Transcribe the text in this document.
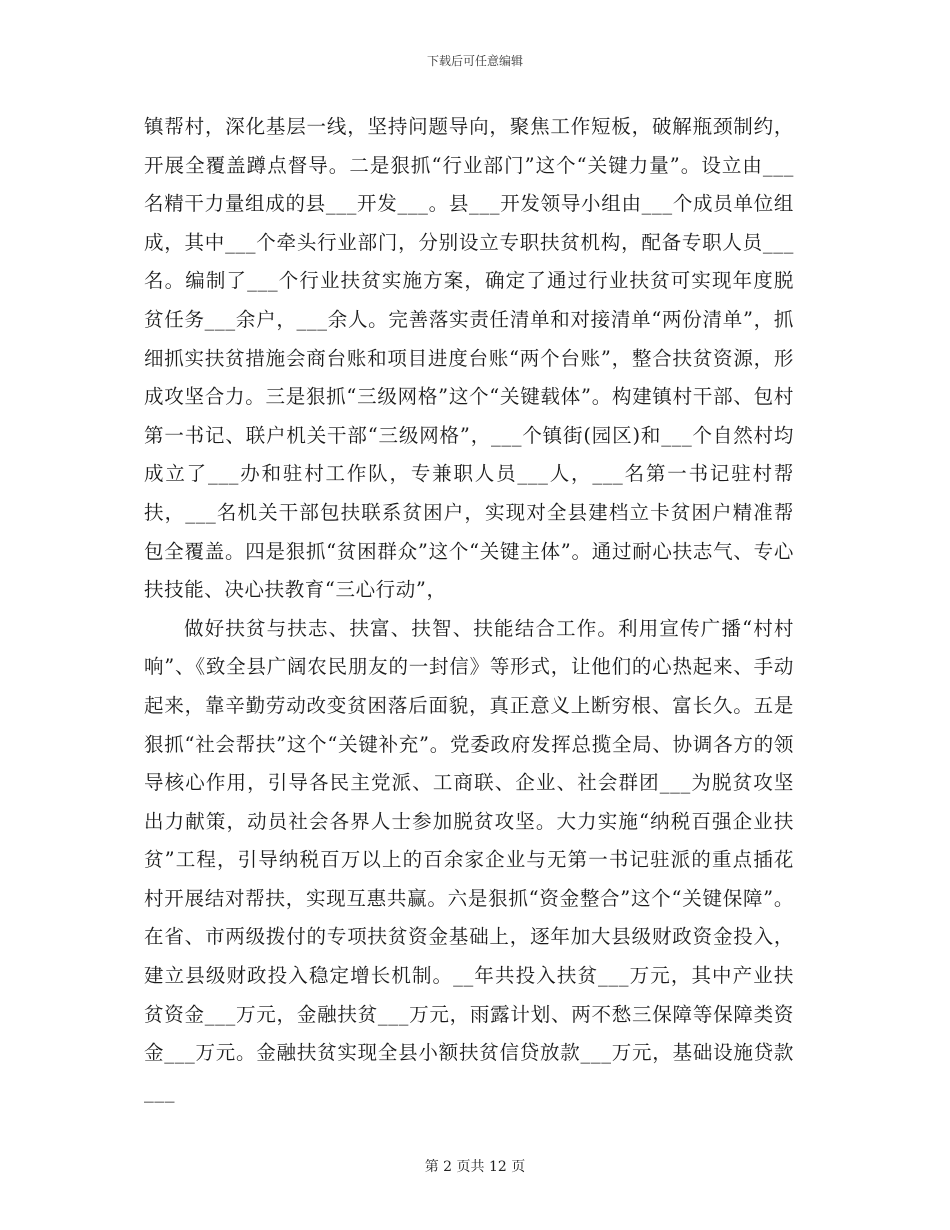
下载后可任意编辑

镇帮村，深化基层一线，坚持问题导向，聚焦工作短板，破解瓶颈制约，开展全覆盖蹲点督导。二是狠抓“行业部门”这个“关键力量”。设立由___名精干力量组成的县___开发___。县___开发领导小组由___个成员单位组成，其中___个牵头行业部门，分别设立专职扶贫机构，配备专职人员___名。编制了___个行业扶贫实施方案，确定了通过行业扶贫可实现年度脱贫任务___余户，___余人。完善落实责任清单和对接清单“两份清单”，抓细抓实扶贫措施会商台账和项目进度台账“两个台账”，整合扶贫资源，形成攻坚合力。三是狠抓“三级网格”这个“关键载体”。构建镇村干部、包村第一书记、联户机关干部“三级网格”，___个镇街(园区)和___个自然村均成立了___办和驻村工作队，专兼职人员___人，___名第一书记驻村帮扶，___名机关干部包扶联系贫困户，实现对全县建档立卡贫困户精准帮包全覆盖。四是狠抓“贫困群众”这个“关键主体”。通过耐心扶志气、专心扶技能、决心扶教育“三心行动”，

做好扶贫与扶志、扶富、扶智、扶能结合工作。利用宣传广播“村村响”、《致全县广阔农民朋友的一封信》等形式，让他们的心热起来、手动起来，靠辛勤劳动改变贫困落后面貌，真正意义上断穷根、富长久。五是狠抓“社会帮扶”这个“关键补充”。党委政府发挥总揽全局、协调各方的领导核心作用，引导各民主党派、工商联、企业、社会群团___为脱贫攻坚出力献策，动员社会各界人士参加脱贫攻坚。大力实施“纳税百强企业扶贫”工程，引导纳税百万以上的百余家企业与无第一书记驻派的重点插花村开展结对帮扶，实现互惠共赢。六是狠抓“资金整合”这个“关键保障”。在省、市两级拨付的专项扶贫资金基础上，逐年加大县级财政资金投入，建立县级财政投入稳定增长机制。__年共投入扶贫___万元，其中产业扶贫资金___万元，金融扶贫___万元，雨露计划、两不愁三保障等保障类资金___万元。金融扶贫实现全县小额扶贫信贷放款___万元，基础设施贷款___

第 2 页共 12 页
